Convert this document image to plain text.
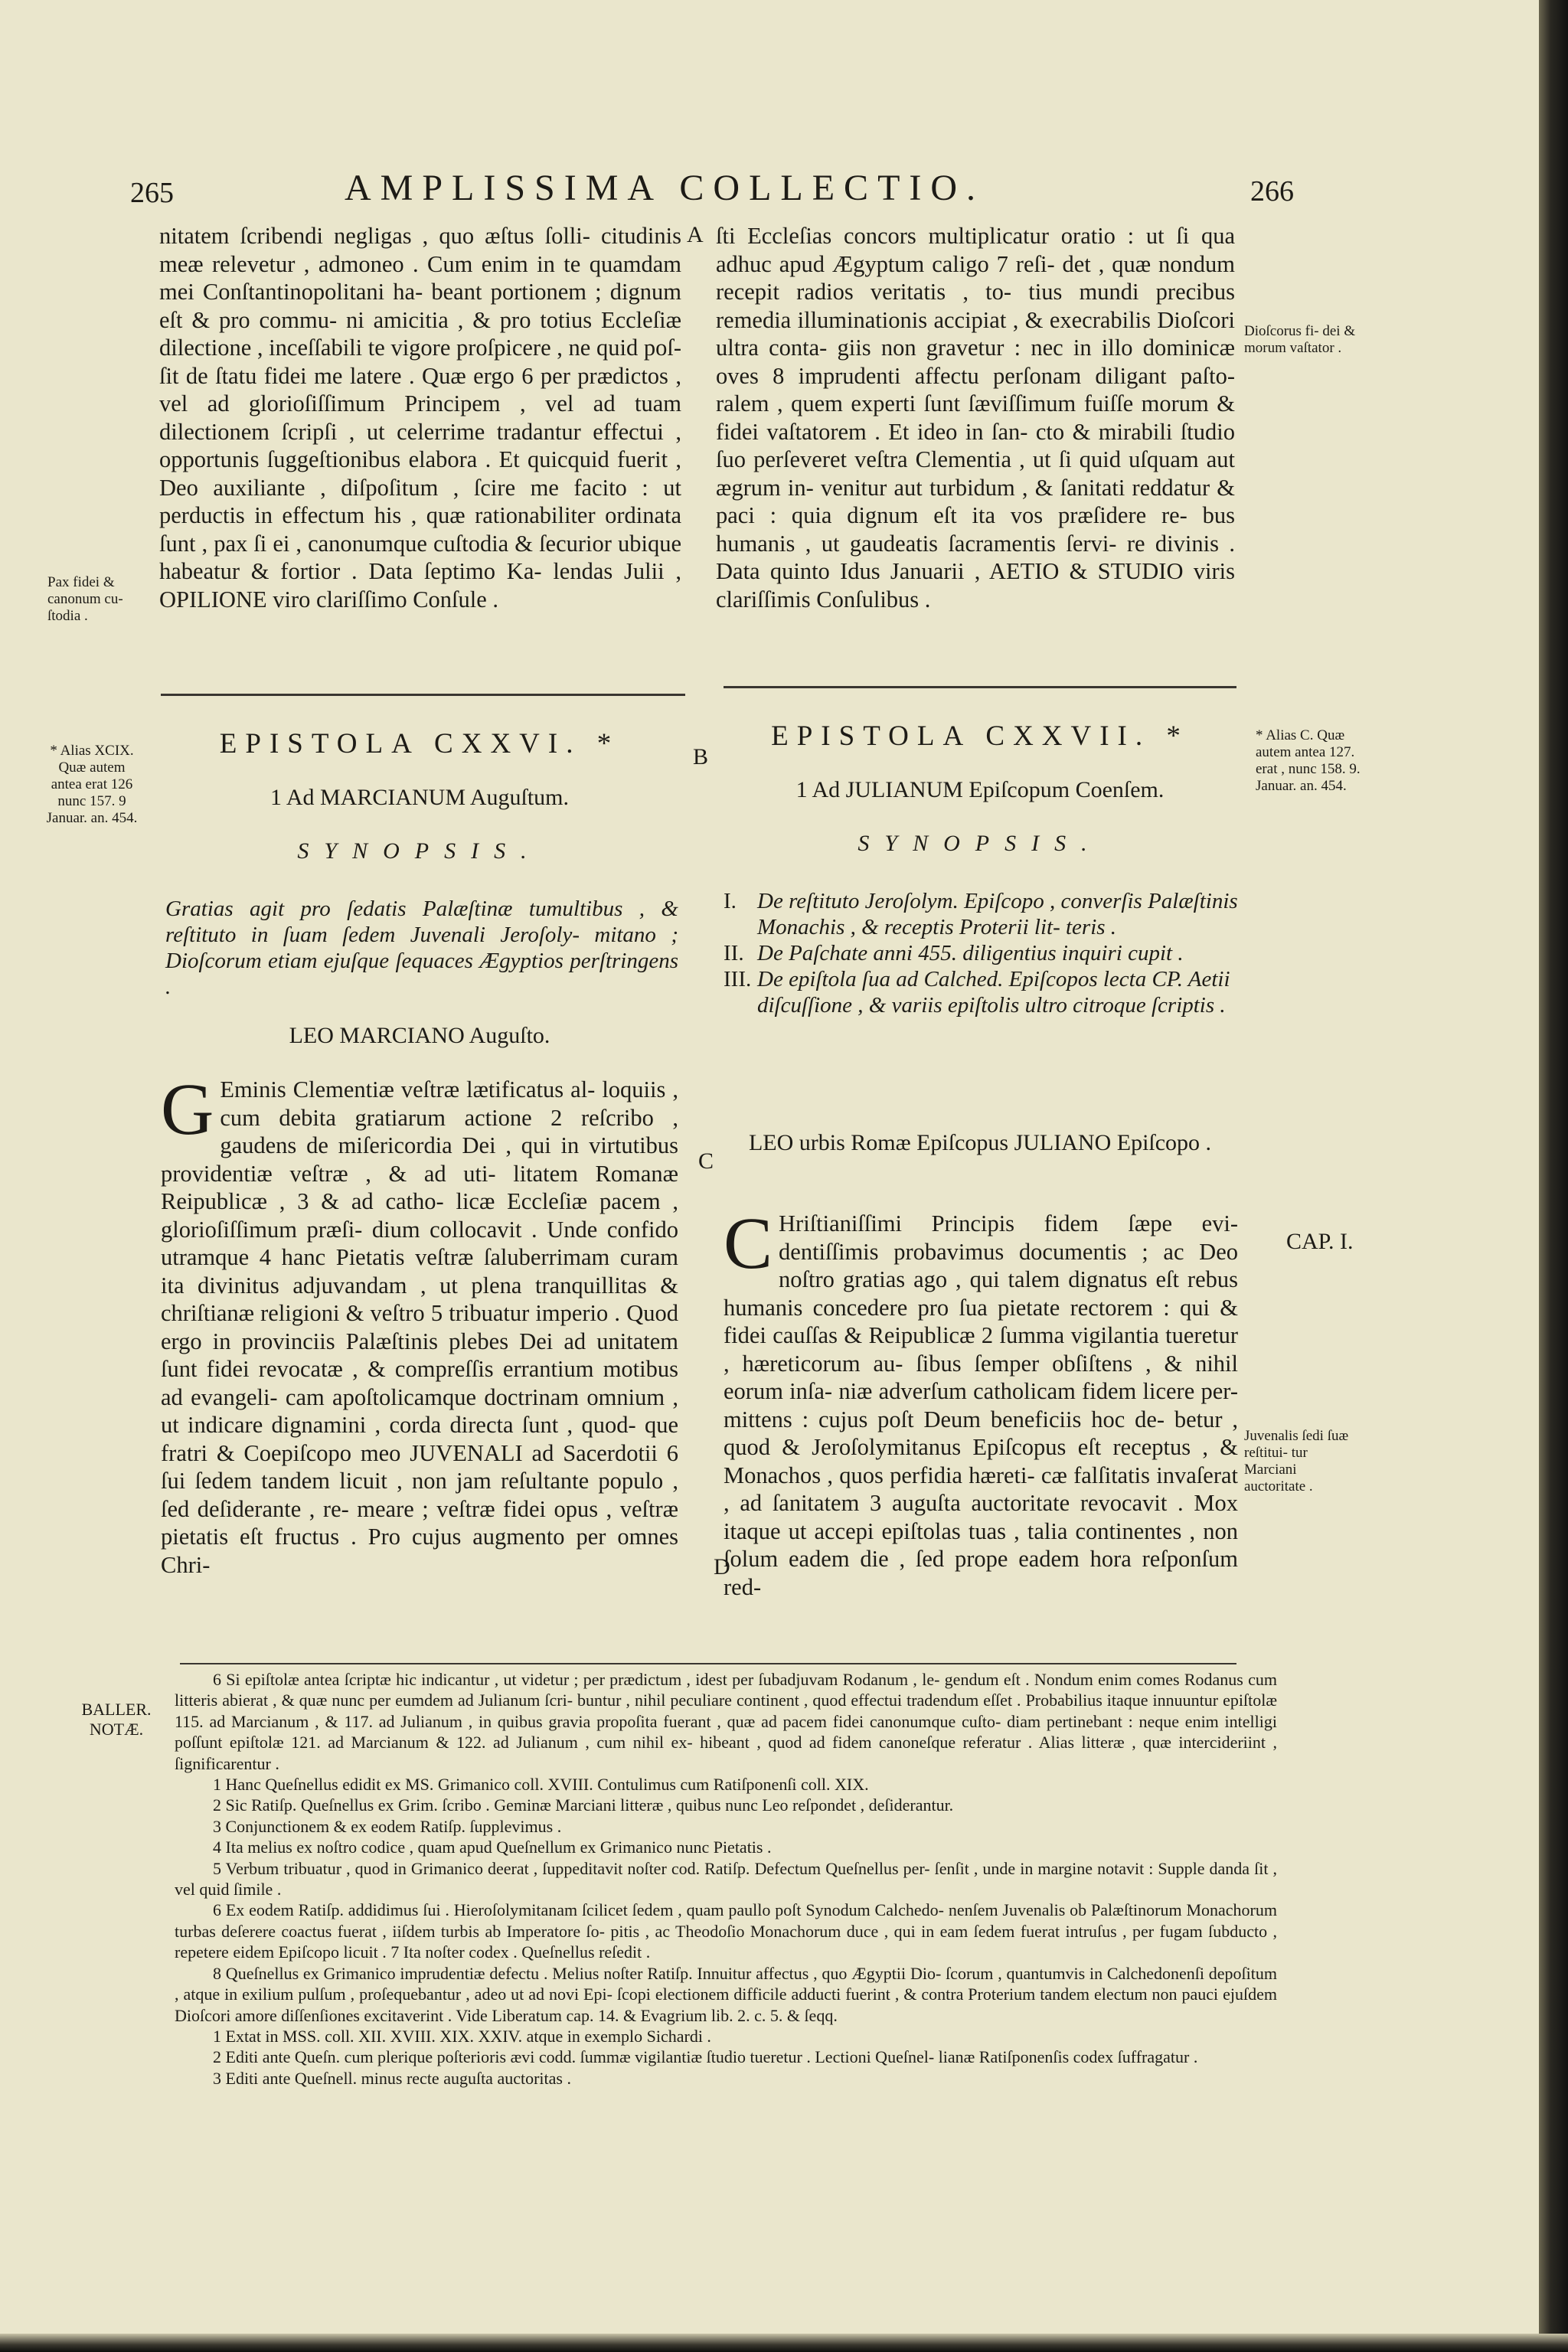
265	AMPLISSIMA COLLECTIO.	266

nitatem ſcribendi negligas , quo æſtus ſolli- citudinis meæ relevetur , admoneo . Cum enim in te quamdam mei Conſtantinopolitani ha- beant portionem ; dignum eſt & pro commu- ni amicitia , & pro totius Eccleſiæ dilectione , inceſſabili te vigore proſpicere , ne quid poſ- ſit de ſtatu fidei me latere . Quæ ergo 6 per prædictos , vel ad glorioſiſſimum Principem , vel ad tuam dilectionem ſcripſi , ut celerrime tradantur effectui , opportunis ſuggeſtionibus elabora . Et quicquid fuerit , Deo auxiliante , diſpoſitum , ſcire me facito : ut perductis in effectum his , quæ rationabiliter ordinata ſunt , pax ſi ei , canonumque cuſtodia & ſecurior ubique habeatur & fortior . Data ſeptimo Ka- lendas Julii , OPILIONE viro clariſſimo Conſule .

Pax fidei & canonum cu- ſtodia .
A ſti Eccleſias concors multiplicatur oratio : ut ſi qua adhuc apud Ægyptum caligo 7 reſi- det , quæ nondum recepit radios veritatis , to- tius mundi precibus remedia illuminationis accipiat , & execrabilis Dioſcori ultra conta- giis non gravetur : nec in illo dominicæ oves 8 imprudenti affectu perſonam diligant paſto- ralem , quem experti ſunt ſæviſſimum fuiſſe morum & fidei vaſtatorem . Et ideo in ſan- cto & mirabili ſtudio ſuo perſeveret veſtra Clementia , ut ſi quid uſquam aut ægrum in- venitur aut turbidum , & ſanitati reddatur & paci : quia dignum eſt ita vos præſidere re- bus humanis , ut gaudeatis ſacramentis ſervi- re divinis . Data quinto Idus Januarii , AETIO & STUDIO viris clariſſimis Conſulibus .

Dioſcorus fi- dei & morum vaſtator .
* Alias XCIX. Quæ autem antea erat 126 nunc 157. 9 Januar. an. 454.
EPISTOLA CXXVI. *
1 Ad MARCIANUM Auguſtum.
SYNOPSIS.
Gratias agit pro ſedatis Palæſtinæ tumultibus , & reſtituto in ſuam ſedem Juvenali Jeroſoly- mitano ; Dioſcorum etiam ejuſque ſequaces Ægyptios perſtringens .
LEO MARCIANO Auguſto.
G Eminis Clementiæ veſtræ lætificatus al- loquiis , cum debita gratiarum actione 2 reſcribo , gaudens de miſericordia Dei , qui in virtutibus providentiæ veſtræ , & ad uti- litatem Romanæ Reipublicæ , 3 & ad catho- licæ Eccleſiæ pacem , glorioſiſſimum præſi- dium collocavit . Unde confido utramque 4 hanc Pietatis veſtræ ſaluberrimam curam ita divinitus adjuvandam , ut plena tranquillitas & chriſtianæ religioni & veſtro 5 tribuatur imperio . Quod ergo in provinciis Palæſtinis plebes Dei ad unitatem ſunt fidei revocatæ , & compreſſis errantium motibus ad evangeli- cam apoſtolicamque doctrinam omnium , ut indicare dignamini , corda directa ſunt , quod- que fratri & Coepiſcopo meo JUVENALI ad Sacerdotii 6 ſui ſedem tandem licuit , non jam reſultante populo , ſed deſiderante , re- meare ; veſtræ fidei opus , veſtræ pietatis eſt fructus . Pro cujus augmento per omnes Chri-
B
C
D
EPISTOLA CXXVII. *	* Alias C. Quæ autem antea 127. erat , nunc 158. 9. Januar. an. 454.
1 Ad JULIANUM Epiſcopum Coenſem.
SYNOPSIS.
I. De reſtituto Jeroſolym. Epiſcopo , converſis Palæſtinis Monachis , & receptis Proterii lit- teris .
II. De Paſchate anni 455. diligentius inquiri cupit .
III. De epiſtola ſua ad Calched. Epiſcopos lecta CP. Aetii diſcuſſione , & variis epiſtolis ultro citroque ſcriptis .
LEO urbis Romæ Epiſcopus JULIANO Epiſcopo .
CAP. I.
C Hriſtianiſſimi Principis fidem ſæpe evi- dentiſſimis probavimus documentis ; ac Deo noſtro gratias ago , qui talem dignatus eſt rebus humanis concedere pro ſua pietate rectorem : qui & fidei cauſſas & Reipublicæ 2 ſumma vigilantia tueretur , hæreticorum au- ſibus ſemper obſiſtens , & nihil eorum inſa- niæ adverſum catholicam fidem licere per- mittens : cujus poſt Deum beneficiis hoc de- betur , quod & Jeroſolymitanus Epiſcopus eſt receptus , & Monachos , quos perfidia hæreti- cæ falſitatis invaſerat , ad ſanitatem 3 auguſta auctoritate revocavit . Mox itaque ut accepi epiſtolas tuas , talia continentes , non ſolum eadem die , ſed prope eadem hora reſponſum red-
Juvenalis ſedi ſuæ reſtitui- tur Marciani auctoritate .
BALLER. NOTÆ.

6 Si epiſtolæ antea ſcriptæ hic indicantur , ut videtur ; per prædictum , idest per ſubadjuvam Rodanum , le- gendum eſt . Nondum enim comes Rodanus cum litteris abierat , & quæ nunc per eumdem ad Julianum ſcri- buntur , nihil peculiare continent , quod effectui tradendum eſſet . Probabilius itaque innuuntur epiſtolæ 115. ad Marcianum , & 117. ad Julianum , in quibus gravia propoſita fuerant , quæ ad pacem fidei canonumque cuſto- diam pertinebant : neque enim intelligi poſſunt epiſtolæ 121. ad Marcianum & 122. ad Julianum , cum nihil ex- hibeant , quod ad fidem canoneſque referatur . Alias litteræ , quæ intercideriint , ſignificarentur .

1 Hanc Queſnellus edidit ex MS. Grimanico coll. XVIII. Contulimus cum Ratiſponenſi coll. XIX.

2 Sic Ratiſp. Queſnellus ex Grim. ſcribo . Geminæ Marciani litteræ , quibus nunc Leo reſpondet , deſiderantur.

3 Conjunctionem & ex eodem Ratiſp. ſupplevimus .

4 Ita melius ex noſtro codice , quam apud Queſnellum ex Grimanico nunc Pietatis .

5 Verbum tribuatur , quod in Grimanico deerat , ſuppeditavit noſter cod. Ratiſp. Defectum Queſnellus per- ſenſit , unde in margine notavit : Supple danda ſit , vel quid ſimile .

6 Ex eodem Ratiſp. addidimus ſui . Hieroſolymitanam ſcilicet ſedem , quam paullo poſt Synodum Calchedo- nenſem Juvenalis ob Palæſtinorum Monachorum turbas deſerere coactus fuerat , iiſdem turbis ab Imperatore ſo- pitis , ac Theodoſio Monachorum duce , qui in eam ſedem fuerat intruſus , per fugam ſubducto , repetere eidem Epiſcopo licuit . 7 Ita noſter codex . Queſnellus reſedit .

8 Queſnellus ex Grimanico imprudentiæ defectu . Melius noſter Ratiſp. Innuitur affectus , quo Ægyptii Dio- ſcorum , quantumvis in Calchedonenſi depoſitum , atque in exilium pulſum , proſequebantur , adeo ut ad novi Epi- ſcopi electionem difficile adducti fuerint , & contra Proterium tandem electum non pauci ejuſdem Dioſcori amore diſſenſiones excitaverint . Vide Liberatum cap. 14. & Evagrium lib. 2. c. 5. & ſeqq.

1 Extat in MSS. coll. XII. XVIII. XIX. XXIV. atque in exemplo Sichardi .

2 Editi ante Queſn. cum plerique poſterioris ævi codd. ſummæ vigilantiæ ſtudio tueretur . Lectioni Queſnel- lianæ Ratiſponenſis codex ſuffragatur .

3 Editi ante Queſnell. minus recte auguſta auctoritas .
